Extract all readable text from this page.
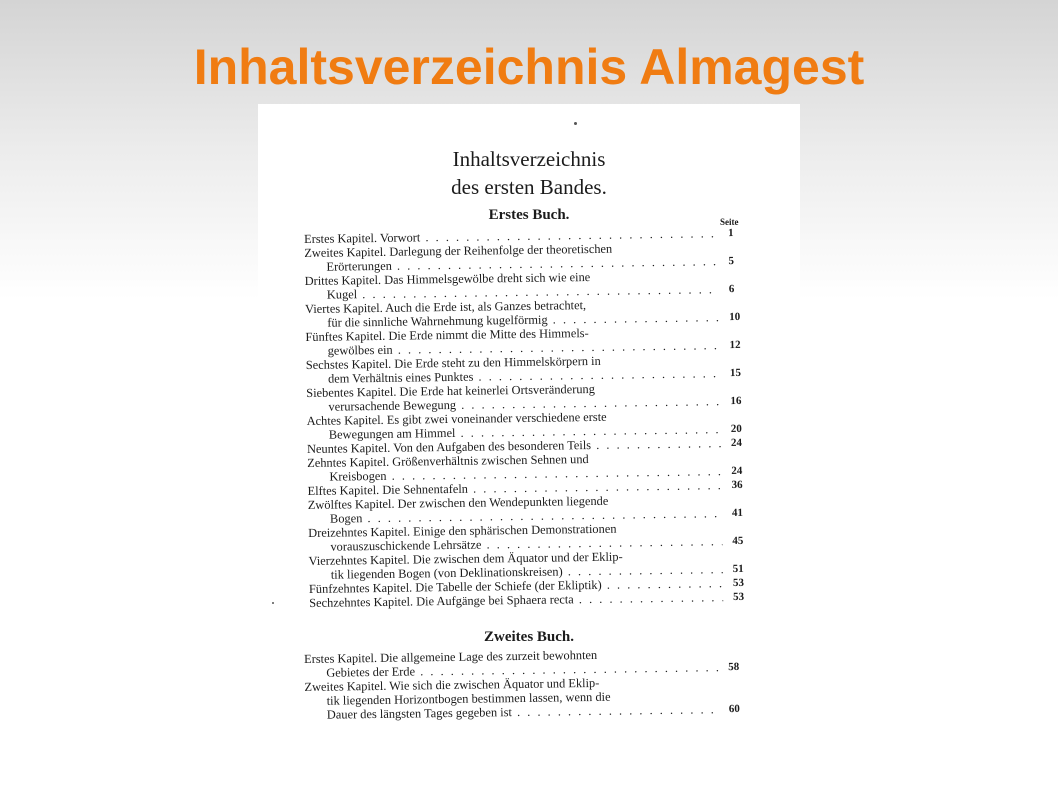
Inhaltsverzeichnis Almagest
Inhaltsverzeichnis
des ersten Bandes.
Erstes Buch.	Seite
Erstes Kapitel. Vorwort . . .	1
Zweites Kapitel. Darlegung der Reihenfolge der theoretischen
Erörterungen . . .	5
Drittes Kapitel. Das Himmelsgewölbe dreht sich wie eine
Kugel . . .	6
Viertes Kapitel. Auch die Erde ist, als Ganzes betrachtet,
für die sinnliche Wahrnehmung kugelförmig . . .	10
Fünftes Kapitel. Die Erde nimmt die Mitte des Himmels-
gewölbes ein . . .	12
Sechstes Kapitel. Die Erde steht zu den Himmelskörpern in
dem Verhältnis eines Punktes . . .	15
Siebentes Kapitel. Die Erde hat keinerlei Ortsveränderung
verursachende Bewegung . . .	16
Achtes Kapitel. Es gibt zwei voneinander verschiedene erste
Bewegungen am Himmel . . .	20
Neuntes Kapitel. Von den Aufgaben des besonderen Teils . . .	24
Zehntes Kapitel. Größenverhältnis zwischen Sehnen und
Kreisbogen . . .	24
Elftes Kapitel. Die Sehnentafeln . . .	36
Zwölftes Kapitel. Der zwischen den Wendepunkten liegende
Bogen . . .	41
Dreizehntes Kapitel. Einige den sphärischen Demonstrationen
vorauszuschickende Lehrsätze . . .	45
Vierzehntes Kapitel. Die zwischen dem Äquator und der Eklip-
tik liegenden Bogen (von Deklinationskreisen) . . .	51
Fünfzehntes Kapitel. Die Tabelle der Schiefe (der Ekliptik) . . .	53
Sechzehntes Kapitel. Die Aufgänge bei Sphaera recta . . .	53
Zweites Buch.
Erstes Kapitel. Die allgemeine Lage des zurzeit bewohnten
Gebietes der Erde . . .	58
Zweites Kapitel. Wie sich die zwischen Äquator und Eklip-
tik liegenden Horizontbogen bestimmen lassen, wenn die
Dauer des längsten Tages gegeben ist . . .	60
